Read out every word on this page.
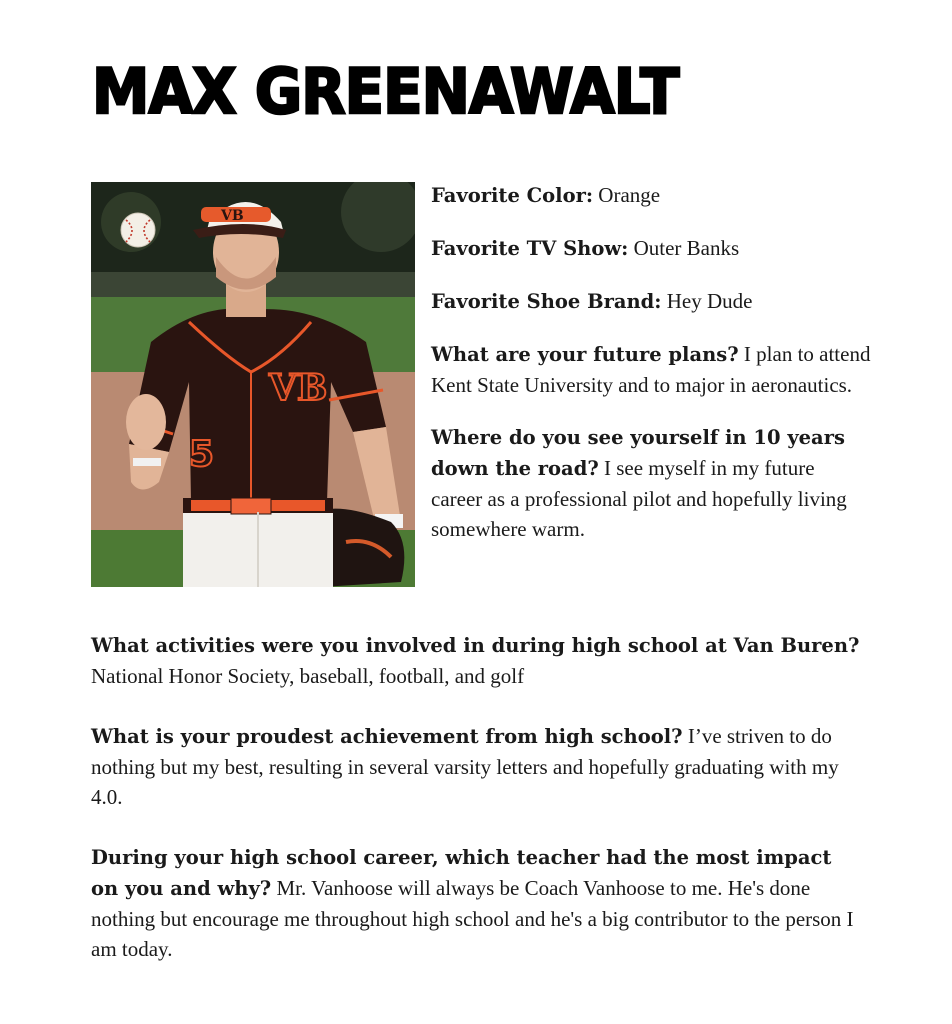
MAX GREENAWALT
VB
5
VB

Favorite Color: Orange

Favorite TV Show: Outer Banks

Favorite Shoe Brand: Hey Dude

What are your future plans? I plan to attend Kent State University and to major in aeronautics.

Where do you see yourself in 10 years down the road? I see myself in my future career as a professional pilot and hopefully living somewhere warm.

What activities were you involved in during high school at Van Buren? National Honor Society, baseball, football, and golf

What is your proudest achievement from high school? I’ve striven to do nothing but my best, resulting in several varsity letters and hopefully graduating with my 4.0.

During your high school career, which teacher had the most impact on you and why? Mr. Vanhoose will always be Coach Vanhoose to me. He's done nothing but encourage me throughout high school and he's a big contributor to the person I am today.
